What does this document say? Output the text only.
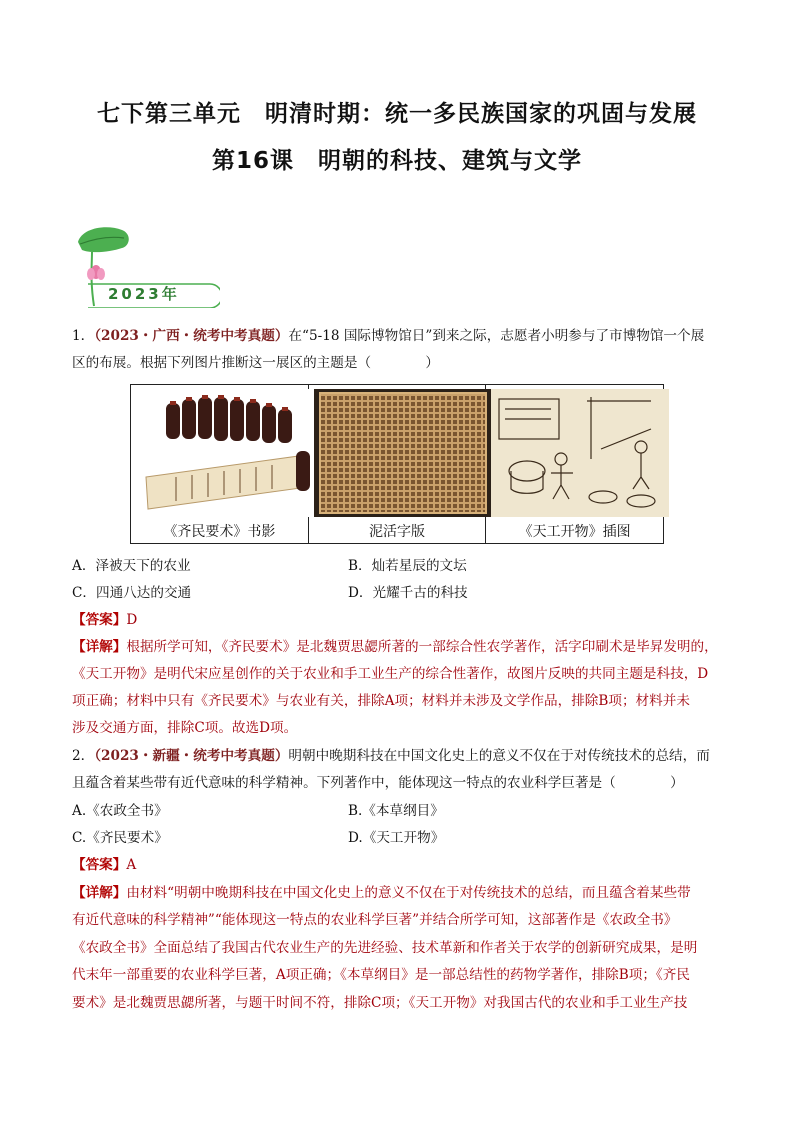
七下第三单元　明清时期：统一多民族国家的巩固与发展
第16课　明朝的科技、建筑与文学
2023年
1．（2023・广西・统考中考真题）在“5-18 国际博物馆日”到来之际，志愿者小明参与了市博物馆一个展
区的布展。根据下列图片推断这一展区的主题是（　　　　）
《齐民要术》书影	泥活字版	《天工开物》插图
A．泽被天下的农业	B．灿若星辰的文坛
C．四通八达的交通	D．光耀千古的科技
【答案】D
【详解】根据所学可知，《齐民要术》是北魏贾思勰所著的一部综合性农学著作，活字印刷术是毕昇发明的，
《天工开物》是明代宋应星创作的关于农业和手工业生产的综合性著作，故图片反映的共同主题是科技，D
项正确；材料中只有《齐民要术》与农业有关，排除A项；材料并未涉及文学作品，排除B项；材料并未
涉及交通方面，排除C项。故选D项。
2．（2023・新疆・统考中考真题）明朝中晚期科技在中国文化史上的意义不仅在于对传统技术的总结，而
且蕴含着某些带有近代意味的科学精神。下列著作中，能体现这一特点的农业科学巨著是（　　　　）
A.《农政全书》	B.《本草纲目》
C.《齐民要术》	D.《天工开物》
【答案】A
【详解】由材料“明朝中晚期科技在中国文化史上的意义不仅在于对传统技术的总结，而且蕴含着某些带
有近代意味的科学精神”“能体现这一特点的农业科学巨著”并结合所学可知，这部著作是《农政全书》
《农政全书》全面总结了我国古代农业生产的先进经验、技术革新和作者关于农学的创新研究成果，是明
代末年一部重要的农业科学巨著，A项正确；《本草纲目》是一部总结性的药物学著作，排除B项；《齐民
要术》是北魏贾思勰所著，与题干时间不符，排除C项；《天工开物》对我国古代的农业和手工业生产技
